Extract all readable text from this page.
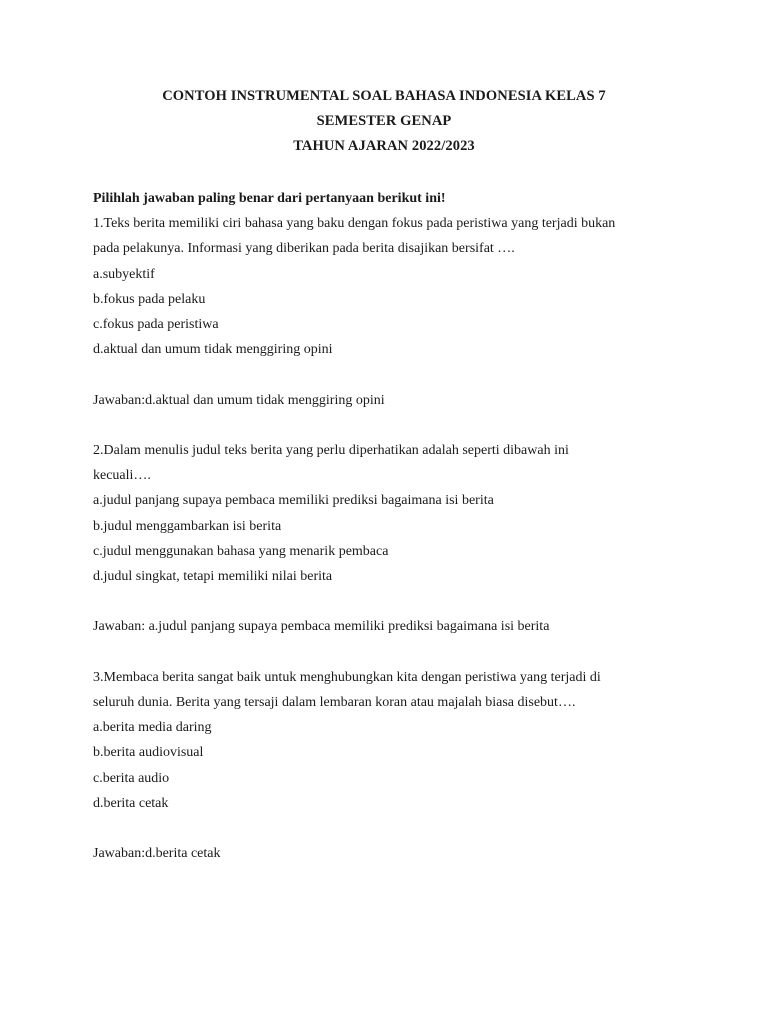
CONTOH INSTRUMENTAL SOAL BAHASA INDONESIA KELAS 7
SEMESTER GENAP
TAHUN AJARAN 2022/2023
Pilihlah jawaban paling benar dari pertanyaan berikut ini!
1.Teks berita memiliki ciri bahasa yang baku dengan fokus pada peristiwa yang terjadi bukan
pada pelakunya. Informasi yang diberikan pada berita disajikan bersifat ….
a.subyektif
b.fokus pada pelaku
c.fokus pada peristiwa
d.aktual dan umum tidak menggiring opini
Jawaban:d.aktual dan umum tidak menggiring opini
2.Dalam menulis judul teks berita yang perlu diperhatikan adalah seperti dibawah ini
kecuali….
a.judul panjang supaya pembaca memiliki prediksi bagaimana isi berita
b.judul menggambarkan isi berita
c.judul menggunakan bahasa yang menarik pembaca
d.judul singkat, tetapi memiliki nilai berita
Jawaban: a.judul panjang supaya pembaca memiliki prediksi bagaimana isi berita
3.Membaca berita sangat baik untuk menghubungkan kita dengan peristiwa yang terjadi di
seluruh dunia. Berita yang tersaji dalam lembaran koran atau majalah biasa disebut….
a.berita media daring
b.berita audiovisual
c.berita audio
d.berita cetak
Jawaban:d.berita cetak
